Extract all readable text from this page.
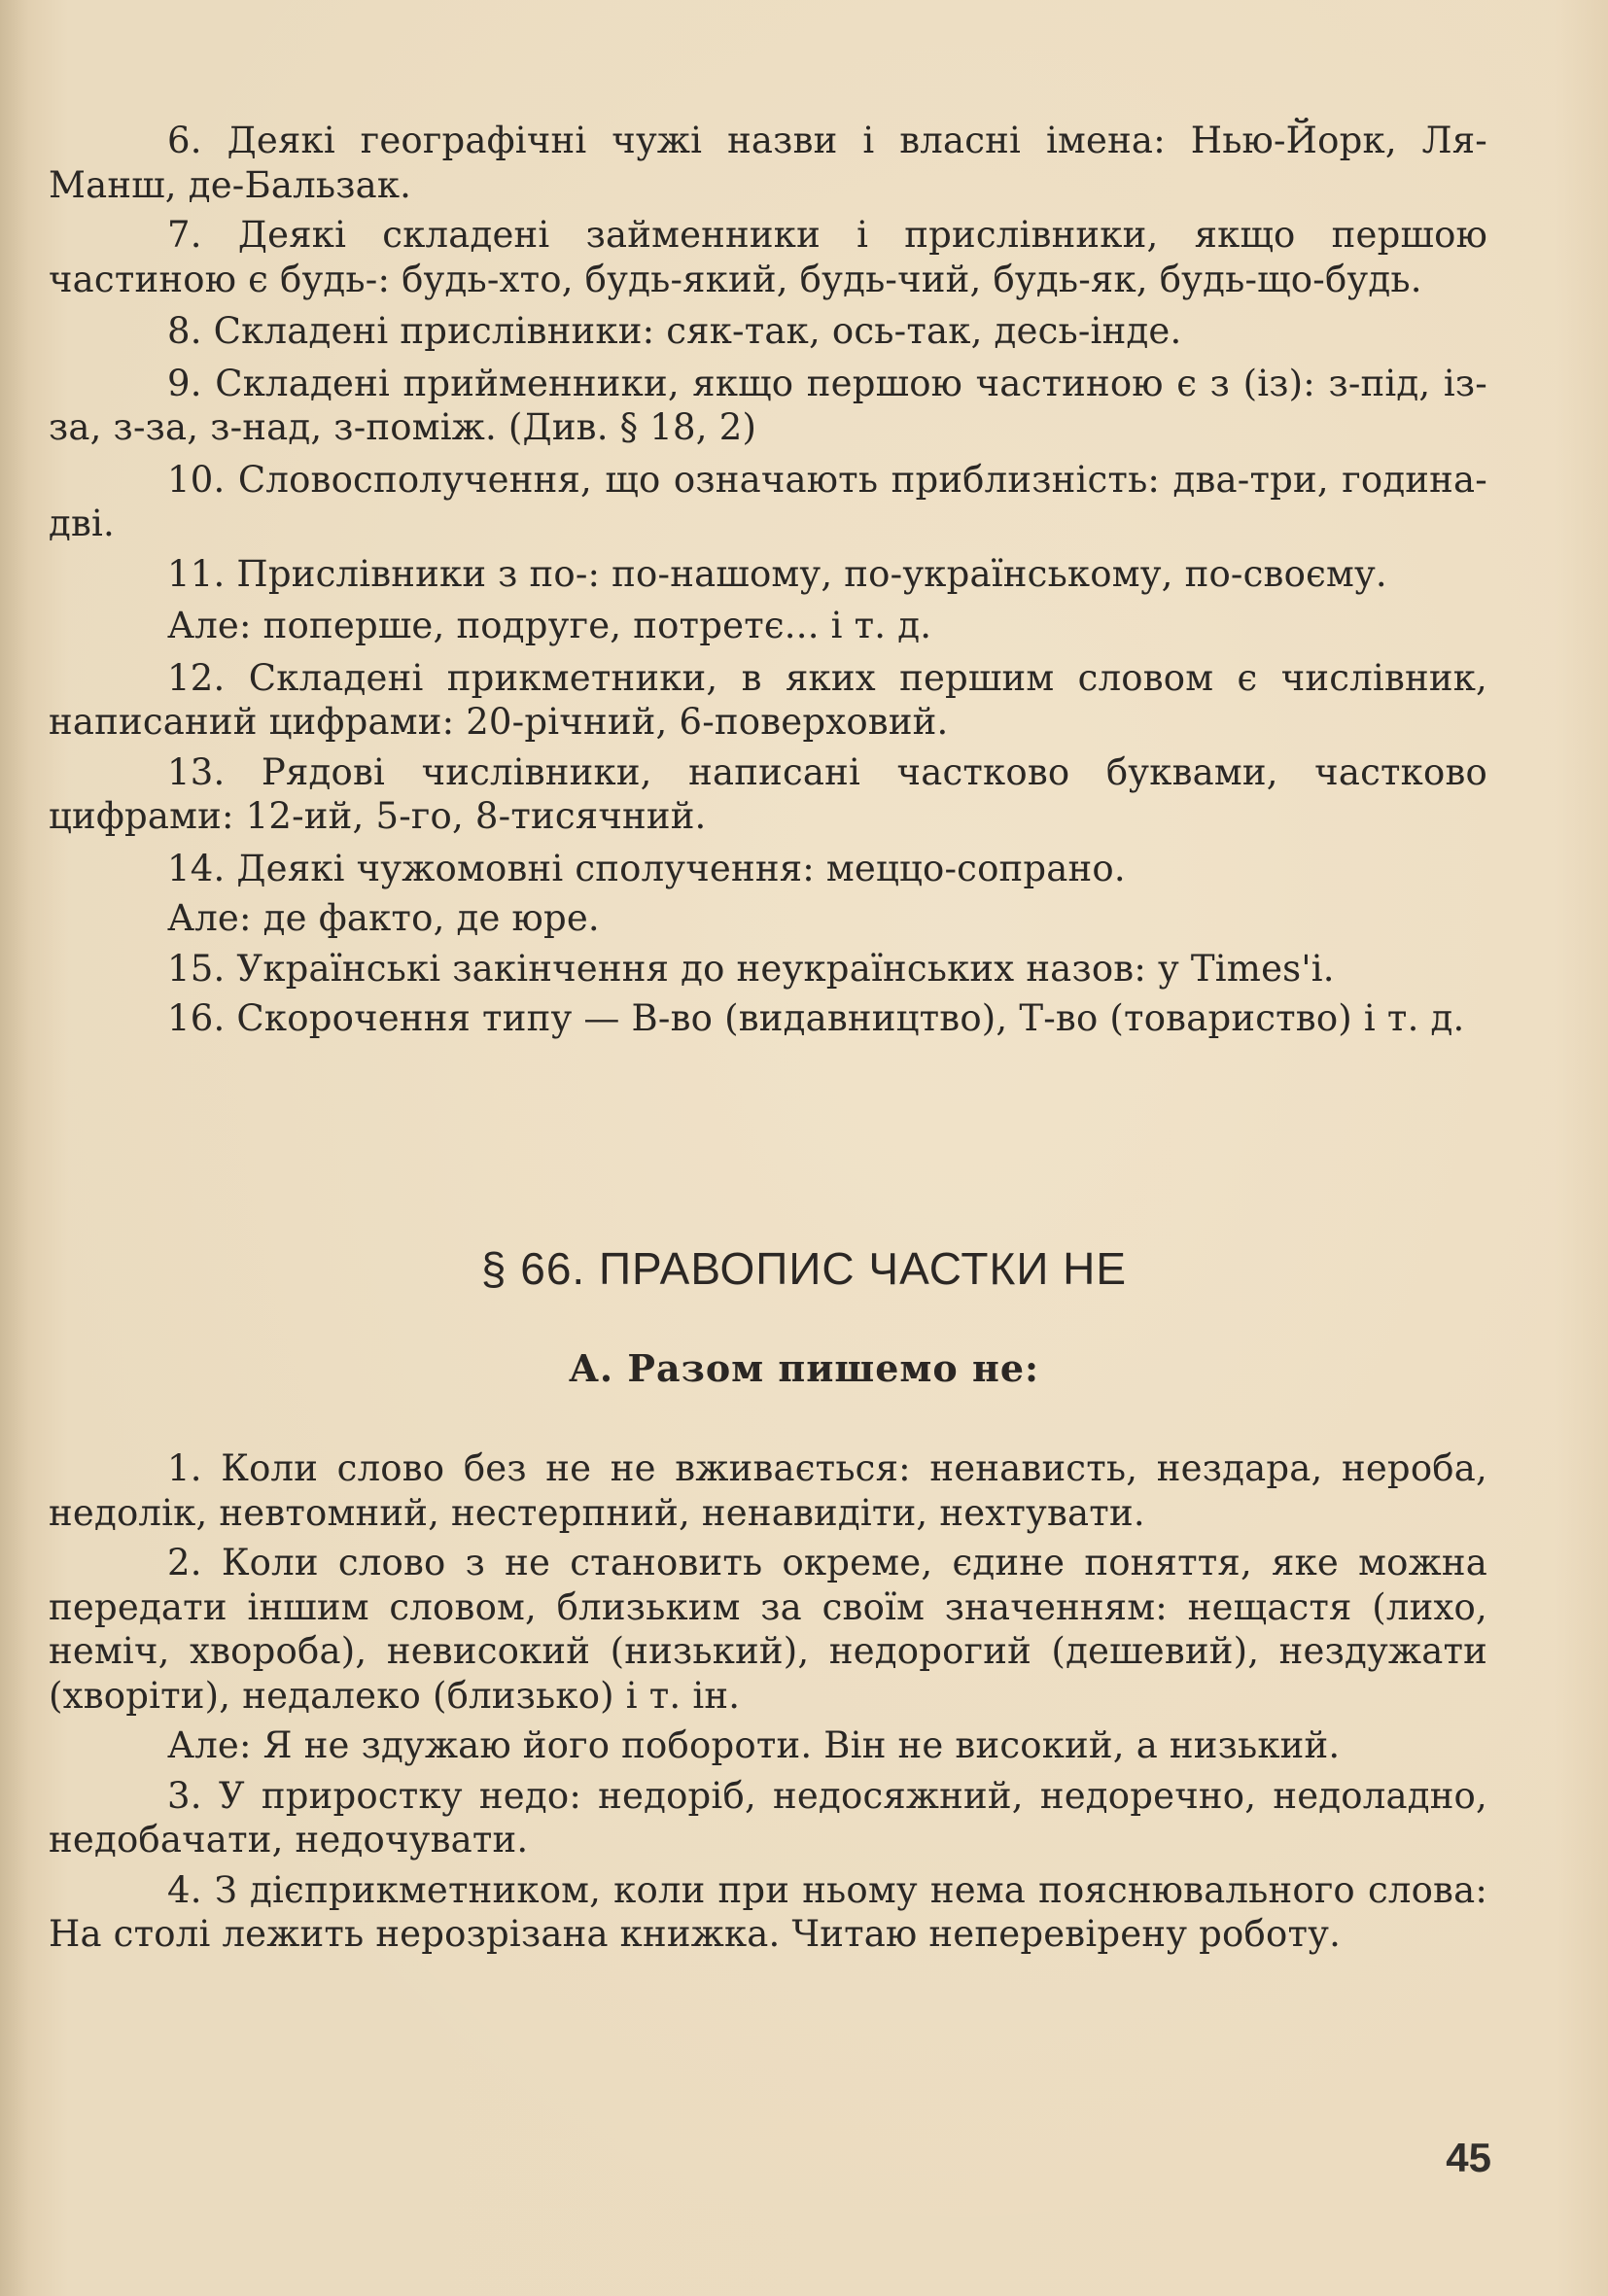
6. Деякі географічні чужі назви і власні імена: Нью-Йорк, Ля-Манш, де-Бальзак.

7. Деякі складені займенники і прислівники, якщо першою частиною є будь-: будь-хто, будь-який, будь-чий, будь-як, будь-що-будь.

8. Складені прислівники: сяк-так, ось-так, десь-інде.

9. Складені прийменники, якщо першою частиною є з (із): з-під, із-за, з-за, з-над, з-поміж. (Див. § 18, 2)

10. Словосполучення, що означають приблизність: два-три, година-дві.

11. Прислівники з по-: по-нашому, по-українському, по-своєму.

Але: поперше, подруге, потретє... і т. д.

12. Складені прикметники, в яких першим словом є числівник, написаний цифрами: 20-річний, 6-поверховий.

13. Рядові числівники, написані частково буквами, частково цифрами: 12-ий, 5-го, 8-тисячний.

14. Деякі чужомовні сполучення: меццо-сопрано.

Але: де факто, де юре.

15. Українські закінчення до неукраїнських назов: у Times'і.

16. Скорочення типу — В-во (видавництво), Т-во (товариство) і т. д.

§ 66. ПРАВОПИС ЧАСТКИ НЕ
А. Разом пишемо не:

1. Коли слово без не не вживається: ненависть, нездара, нероба, недолік, невтомний, нестерпний, ненавидіти, нехтувати.

2. Коли слово з не становить окреме, єдине поняття, яке можна передати іншим словом, близьким за своїм значенням: нещастя (лихо, неміч, хвороба), невисокий (низький), недорогий (дешевий), нездужати (хворіти), недалеко (близько) і т. ін.

Але: Я не здужаю його побороти. Він не високий, а низький.

3. У приростку недо: недоріб, недосяжний, недоречно, недоладно, недобачати, недочувати.

4. З дієприкметником, коли при ньому нема пояснювального слова: На столі лежить нерозрізана книжка. Читаю неперевірену роботу.

45
